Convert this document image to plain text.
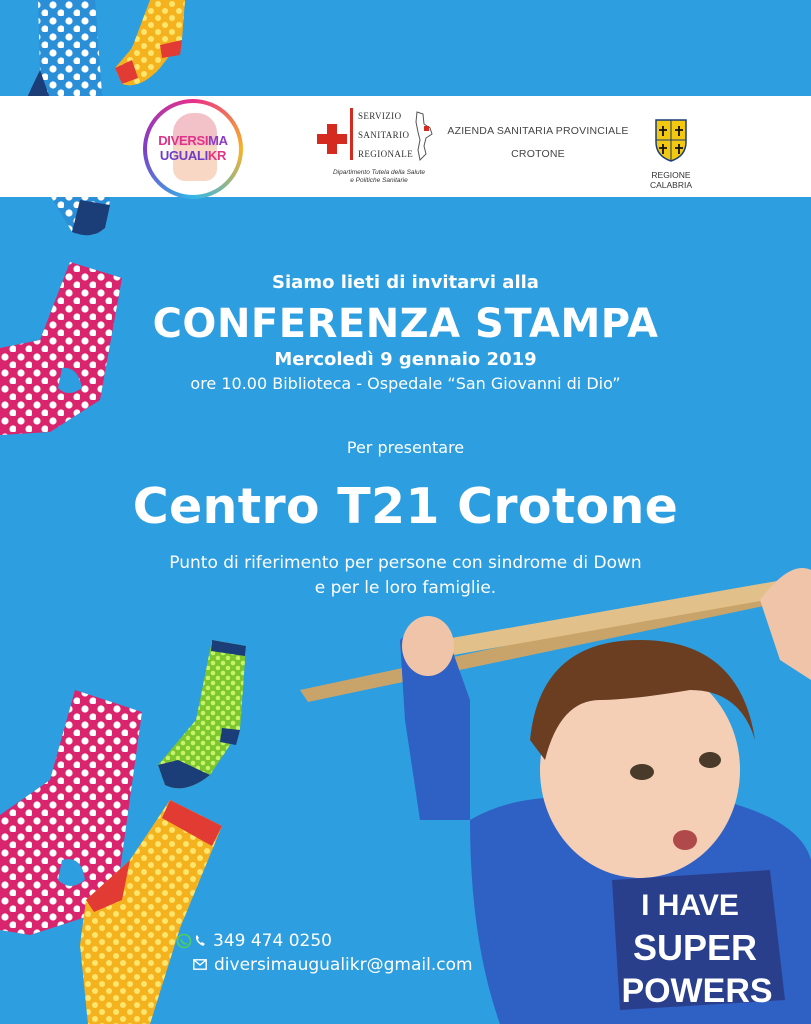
DIVERSIMA
UGUALIKR
SERVIZIO
SANITARIO
REGIONALE
Dipartimento Tutela della Salute
e Politiche Sanitarie
AZIENDA SANITARIA PROVINCIALE
CROTONE
REGIONE CALABRIA
I HAVE
SUPER
POWERS
Siamo lieti di invitarvi alla
CONFERENZA STAMPA
Mercoledì 9 gennaio 2019
ore 10.00 Biblioteca - Ospedale “San Giovanni di Dio”
Per presentare
Centro T21 Crotone
Punto di riferimento per persone con sindrome di Down
e per le loro famiglie.
349 474 0250
diversimaugualikr@gmail.com
